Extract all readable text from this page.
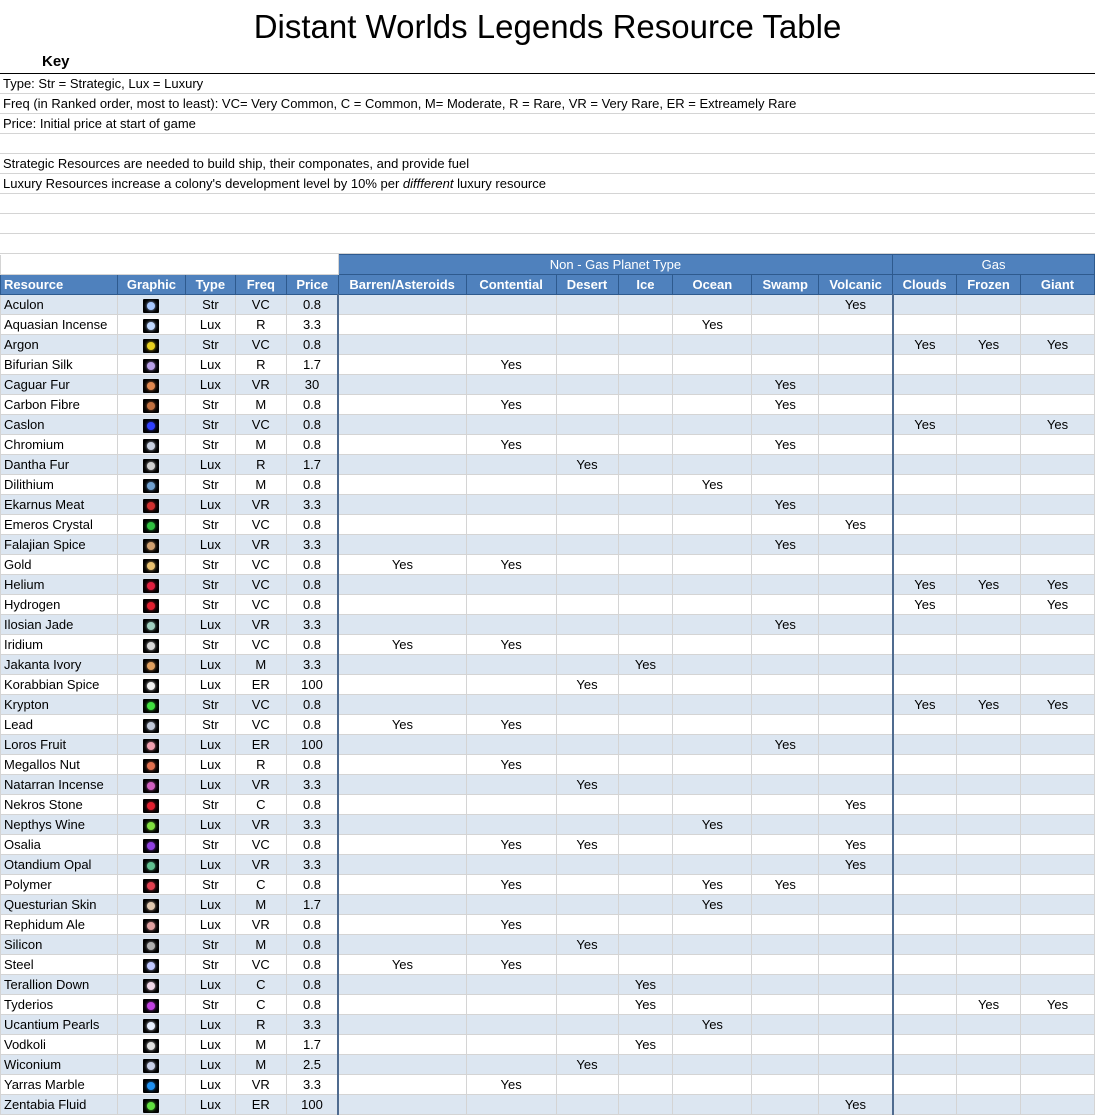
Distant Worlds Legends Resource Table
Key
Type: Str = Strategic, Lux = Luxury
Freq (in Ranked order, most to least): VC= Very Common, C = Common, M= Moderate, R = Rare, VR = Very Rare, ER = Extreamely Rare
Price: Initial price at start of game
Strategic Resources are needed to build ship, their componates, and provide fuel
Luxury Resources increase a colony's development level by 10% per diffferent luxury resource
					Non - Gas Planet Type							Gas		
Resource	Graphic	Type	Freq	Price	Barren/Asteroids	Contential	Desert	Ice	Ocean	Swamp	Volcanic	Clouds	Frozen	Giant
Aculon		Str	VC	0.8							Yes			
Aquasian Incense		Lux	R	3.3					Yes					
Argon		Str	VC	0.8								Yes	Yes	Yes
Bifurian Silk		Lux	R	1.7		Yes								
Caguar Fur		Lux	VR	30						Yes				
Carbon Fibre		Str	M	0.8		Yes				Yes				
Caslon		Str	VC	0.8								Yes		Yes
Chromium		Str	M	0.8		Yes				Yes				
Dantha Fur		Lux	R	1.7			Yes							
Dilithium		Str	M	0.8					Yes					
Ekarnus Meat		Lux	VR	3.3						Yes				
Emeros Crystal		Str	VC	0.8							Yes			
Falajian Spice		Lux	VR	3.3						Yes				
Gold		Str	VC	0.8	Yes	Yes								
Helium		Str	VC	0.8								Yes	Yes	Yes
Hydrogen		Str	VC	0.8								Yes		Yes
Ilosian Jade		Lux	VR	3.3						Yes				
Iridium		Str	VC	0.8	Yes	Yes								
Jakanta Ivory		Lux	M	3.3				Yes						
Korabbian Spice		Lux	ER	100			Yes							
Krypton		Str	VC	0.8								Yes	Yes	Yes
Lead		Str	VC	0.8	Yes	Yes								
Loros Fruit		Lux	ER	100						Yes				
Megallos Nut		Lux	R	0.8		Yes								
Natarran Incense		Lux	VR	3.3			Yes							
Nekros Stone		Str	C	0.8							Yes			
Nepthys Wine		Lux	VR	3.3					Yes					
Osalia		Str	VC	0.8		Yes	Yes				Yes			
Otandium Opal		Lux	VR	3.3							Yes			
Polymer		Str	C	0.8		Yes			Yes	Yes				
Questurian Skin		Lux	M	1.7					Yes					
Rephidum Ale		Lux	VR	0.8		Yes								
Silicon		Str	M	0.8			Yes							
Steel		Str	VC	0.8	Yes	Yes								
Terallion Down		Lux	C	0.8				Yes						
Tyderios		Str	C	0.8				Yes					Yes	Yes
Ucantium Pearls		Lux	R	3.3					Yes					
Vodkoli		Lux	M	1.7				Yes						
Wiconium		Lux	M	2.5			Yes							
Yarras Marble		Lux	VR	3.3		Yes								
Zentabia Fluid		Lux	ER	100							Yes			
